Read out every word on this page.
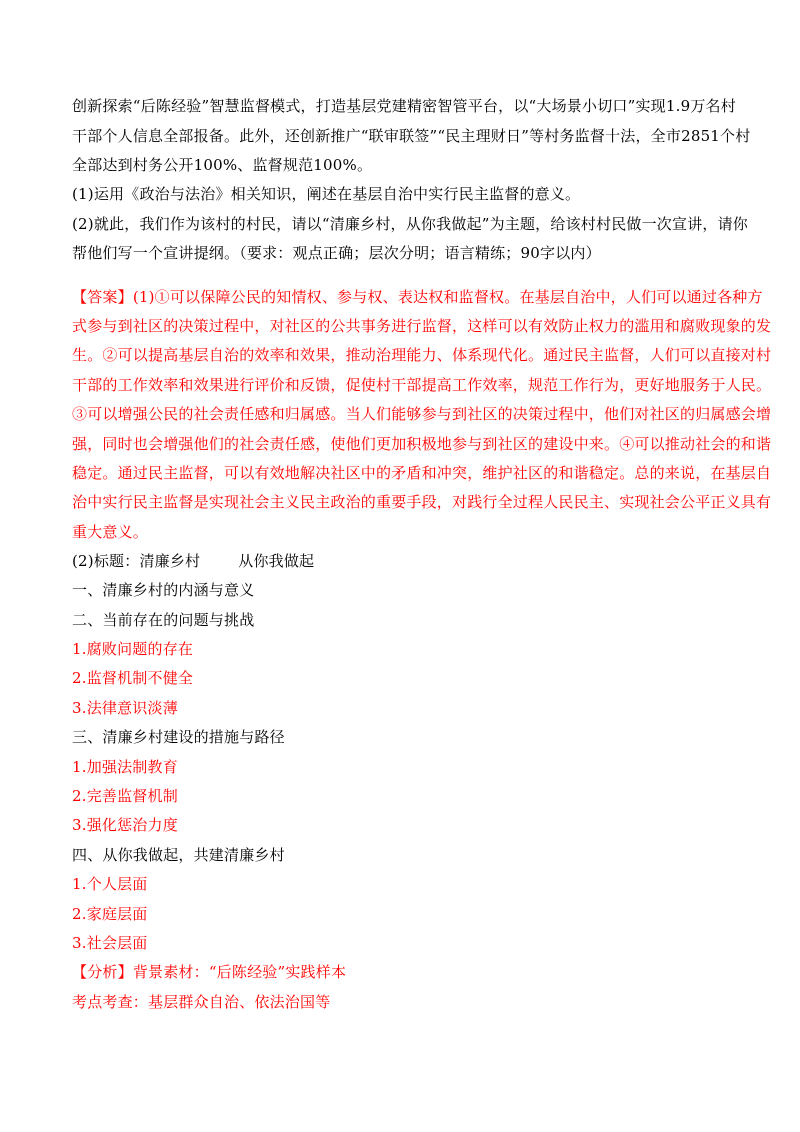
创新探索“后陈经验”智慧监督模式，打造基层党建精密智管平台，以“大场景小切口”实现1.9万名村
干部个人信息全部报备。此外，还创新推广“联审联签”“民主理财日”等村务监督十法，全市2851个村
全部达到村务公开100%、监督规范100%。
(1)运用《政治与法治》相关知识，阐述在基层自治中实行民主监督的意义。
(2)就此，我们作为该村的村民，请以“清廉乡村，从你我做起”为主题，给该村村民做一次宣讲，请你
帮他们写一个宣讲提纲。（要求：观点正确；层次分明；语言精练；90字以内）
【答案】(1)①可以保障公民的知情权、参与权、表达权和监督权。在基层自治中，人们可以通过各种方
式参与到社区的决策过程中，对社区的公共事务进行监督，这样可以有效防止权力的滥用和腐败现象的发
生。②可以提高基层自治的效率和效果，推动治理能力、体系现代化。通过民主监督，人们可以直接对村
干部的工作效率和效果进行评价和反馈，促使村干部提高工作效率，规范工作行为，更好地服务于人民。
③可以增强公民的社会责任感和归属感。当人们能够参与到社区的决策过程中，他们对社区的归属感会增
强，同时也会增强他们的社会责任感，使他们更加积极地参与到社区的建设中来。④可以推动社会的和谐
稳定。通过民主监督，可以有效地解决社区中的矛盾和冲突，维护社区的和谐稳定。总的来说，在基层自
治中实行民主监督是实现社会主义民主政治的重要手段，对践行全过程人民民主、实现社会公平正义具有
重大意义。
(2)标题：清廉乡村	从你我做起
一、清廉乡村的内涵与意义
二、当前存在的问题与挑战
1.腐败问题的存在
2.监督机制不健全
3.法律意识淡薄
三、清廉乡村建设的措施与路径
1.加强法制教育
2.完善监督机制
3.强化惩治力度
四、从你我做起，共建清廉乡村
1.个人层面
2.家庭层面
3.社会层面
【分析】背景素材：“后陈经验”实践样本
考点考查：基层群众自治、依法治国等
